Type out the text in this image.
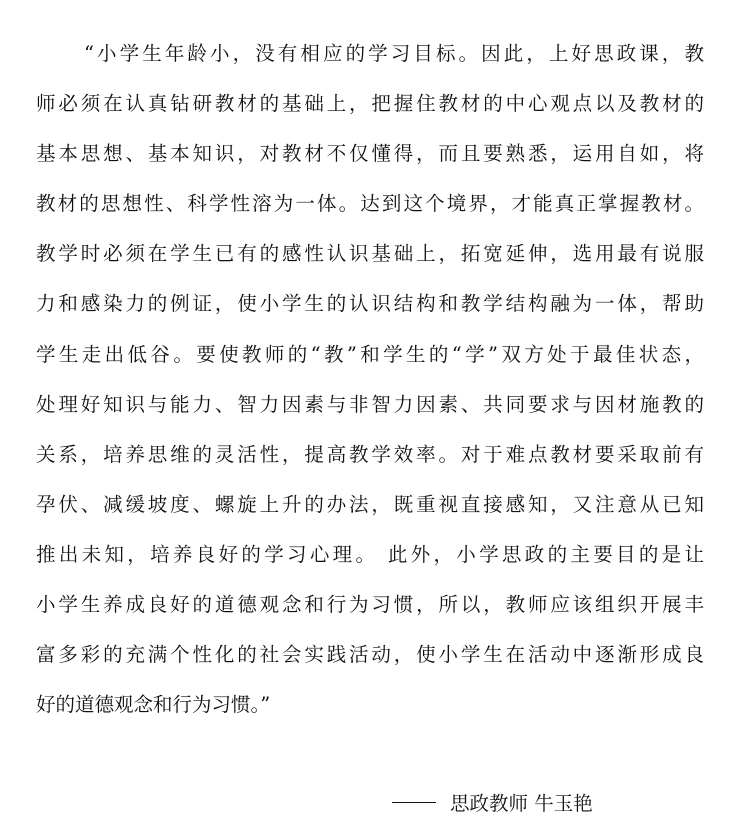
“小学生年龄小，没有相应的学习目标。因此，上好思政课，教
师必须在认真钻研教材的基础上，把握住教材的中心观点以及教材的
基本思想、基本知识，对教材不仅懂得，而且要熟悉，运用自如，将
教材的思想性、科学性溶为一体。达到这个境界，才能真正掌握教材。
教学时必须在学生已有的感性认识基础上，拓宽延伸，选用最有说服
力和感染力的例证，使小学生的认识结构和教学结构融为一体，帮助
学生走出低谷。要使教师的“教”和学生的“学”双方处于最佳状态，
处理好知识与能力、智力因素与非智力因素、共同要求与因材施教的
关系，培养思维的灵活性，提高教学效率。对于难点教材要采取前有
孕伏、减缓坡度、螺旋上升的办法，既重视直接感知，又注意从已知
推出未知，培养良好的学习心理。 此外，小学思政的主要目的是让
小学生养成良好的道德观念和行为习惯，所以，教师应该组织开展丰
富多彩的充满个性化的社会实践活动，使小学生在活动中逐渐形成良
好的道德观念和行为习惯。”
思政教师 牛玉艳
